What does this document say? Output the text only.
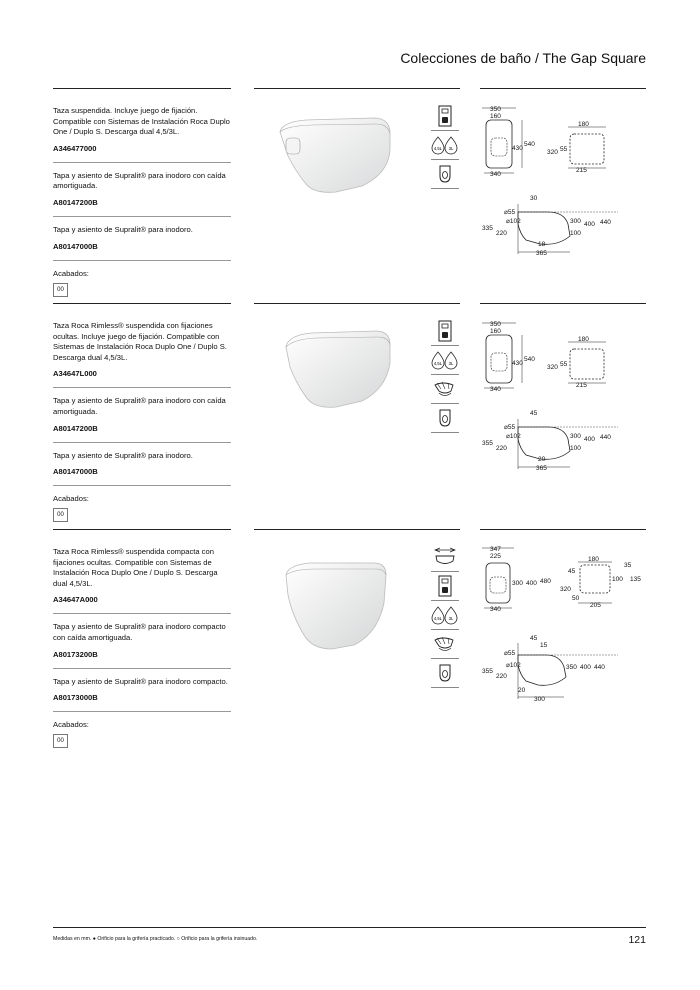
Colecciones de baño / The Gap Square

Taza suspendida. Incluye juego de fijación. Compatible con Sistemas de Instalación Roca Duplo One / Duplo S. Descarga dual 4,5/3L.

A346477000

Tapa y asiento de Supralit® para inodoro con caída amortiguada.

A80147200B

Tapa y asiento de Supralit® para inodoro.

A80147000B

Acabados:

00
4,5L 3L
350
160
430
540
340
180
320 55
215
30
⌀55
⌀102	300 400 440
335
220	100
18
365

Taza Roca Rimless® suspendida con fijaciones ocultas. Incluye juego de fijación. Compatible con Sistemas de Instalación Roca Duplo One / Duplo S. Descarga dual 4,5/3L.

A34647L000

Tapa y asiento de Supralit® para inodoro con caída amortiguada.

A80147200B

Tapa y asiento de Supralit® para inodoro.

A80147000B

Acabados:

00
4,5L 3L
350
160
430
540
340
180
320 55
215
45
⌀55
⌀102	300 400 440
355
220	100
20
365

Taza Roca Rimless® suspendida compacta con fijaciones ocultas. Compatible con Sistemas de Instalación Roca Duplo One / Duplo S. Descarga dual 4,5/3L.

A34647A000

Tapa y asiento de Supralit® para inodoro compacto con caída amortiguada.

A80173200B

Tapa y asiento de Supralit® para inodoro compacto.

A80173000B

Acabados:

00
4,5L 3L
347
225
300 400 480
340
180
35
45
100 135
320
50
205
45
15
⌀55
⌀102	350 400 440
355
220
20
300
Medidas en mm. ● Orificio para la grifería practicado. ○ Orificio para la grifería insinuado.	121
